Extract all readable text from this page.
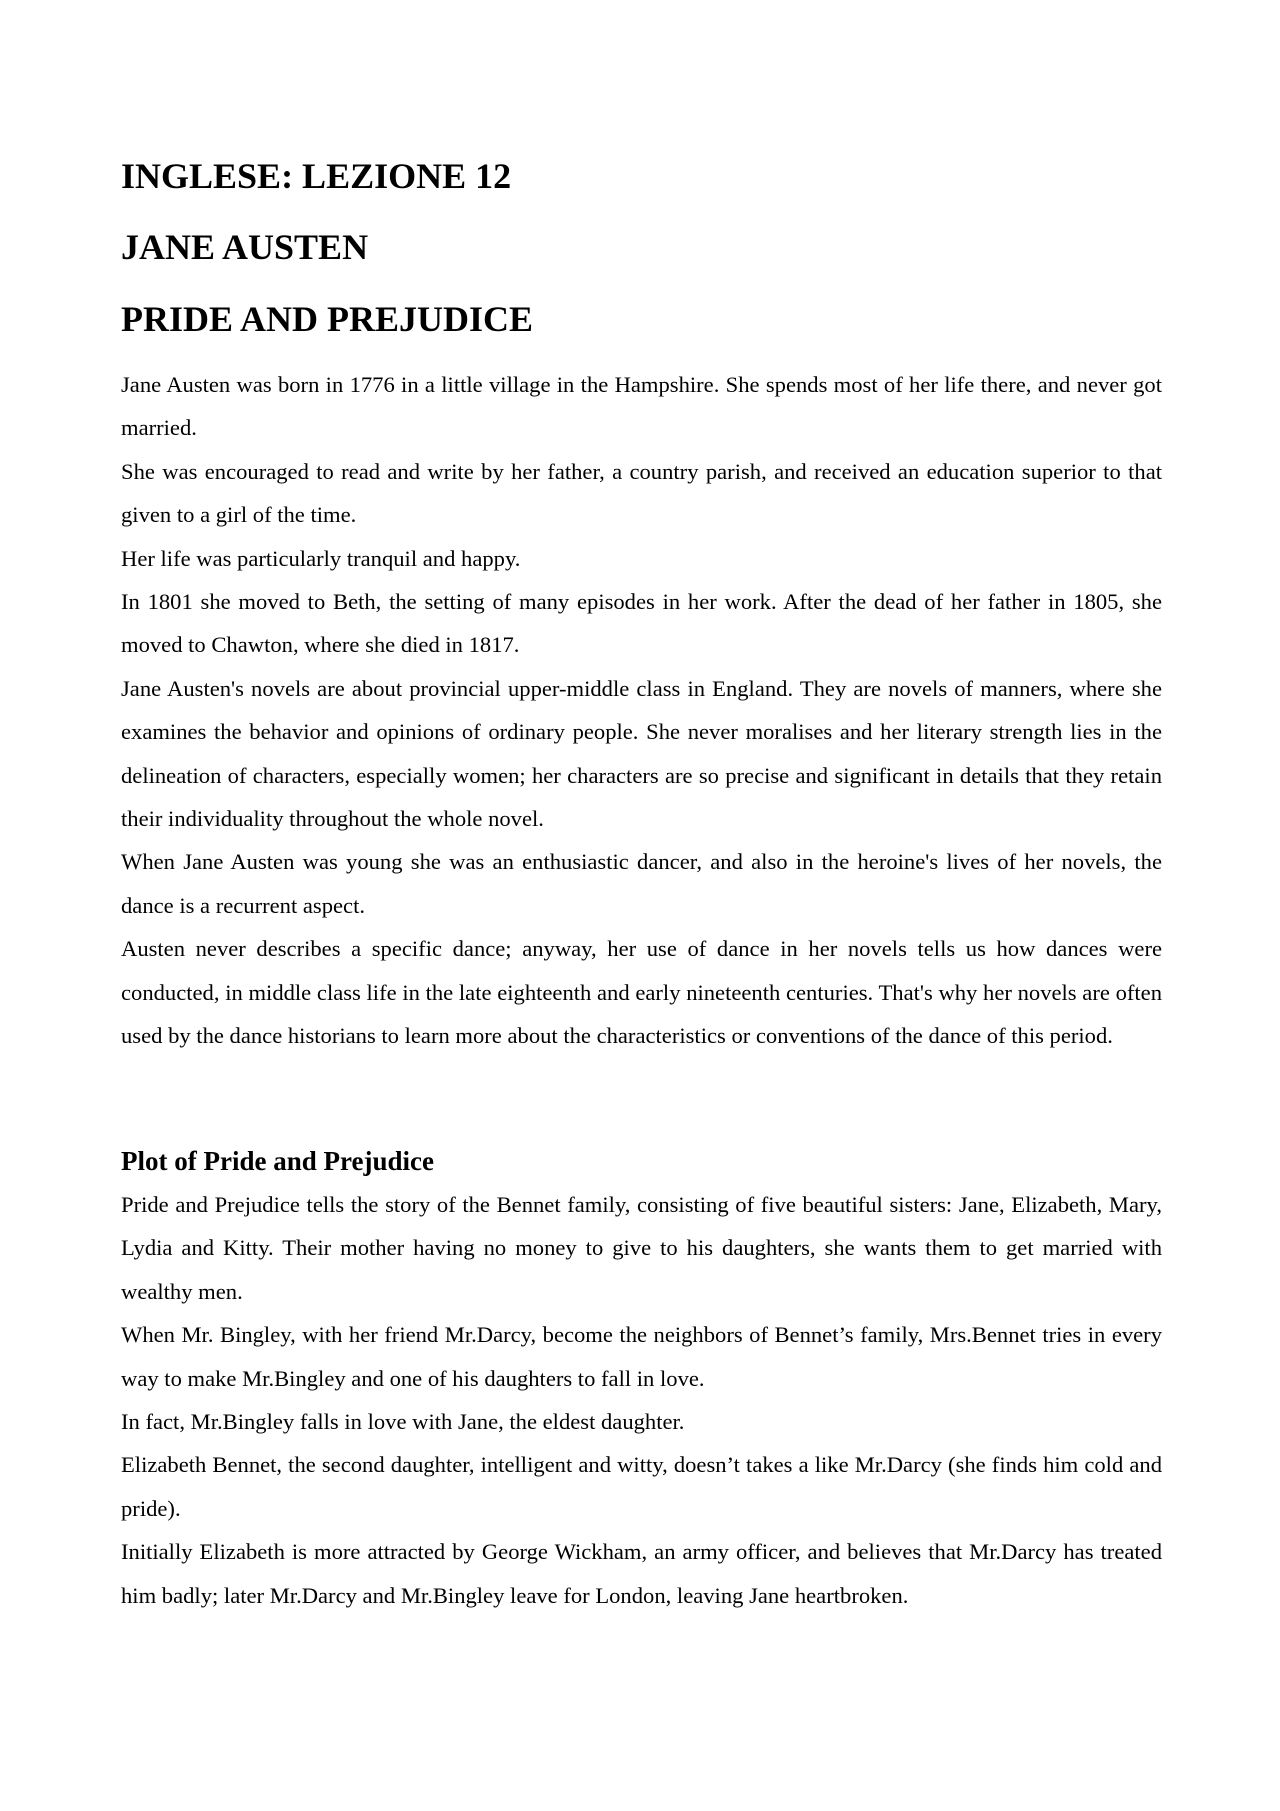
INGLESE: LEZIONE 12
JANE AUSTEN
PRIDE AND PREJUDICE

Jane Austen was born in 1776 in a little village in the Hampshire. She spends most of her life there, and never got married.

She was encouraged to read and write by her father, a country parish, and received an education superior to that given to a girl of the time.

Her life was particularly tranquil and happy.

In 1801 she moved to Beth, the setting of many episodes in her work. After the dead of her father in 1805, she moved to Chawton, where she died in 1817.

Jane Austen's novels are about provincial upper-middle class in England. They are novels of manners, where she examines the behavior and opinions of ordinary people. She never moralises and her literary strength lies in the delineation of characters, especially women; her characters are so precise and significant in details that they retain their individuality throughout the whole novel.

When Jane Austen was young she was an enthusiastic dancer, and also in the heroine's lives of her novels, the dance is a recurrent aspect.

Austen never describes a specific dance; anyway, her use of dance in her novels tells us how dances were conducted, in middle class life in the late eighteenth and early nineteenth centuries. That's why her novels are often used by the dance historians to learn more about the characteristics or conventions of the dance of this period.

Plot of Pride and Prejudice

Pride and Prejudice tells the story of the Bennet family, consisting of five beautiful sisters: Jane, Elizabeth, Mary, Lydia and Kitty. Their mother having no money to give to his daughters, she wants them to get married with wealthy men.

When Mr. Bingley, with her friend Mr.Darcy, become the neighbors of Bennet’s family, Mrs.Bennet tries in every way to make Mr.Bingley and one of his daughters to fall in love.

In fact, Mr.Bingley falls in love with Jane, the eldest daughter.

Elizabeth Bennet, the second daughter, intelligent and witty, doesn’t takes a like Mr.Darcy (she finds him cold and pride).

Initially Elizabeth is more attracted by George Wickham, an army officer, and believes that Mr.Darcy has treated him badly; later Mr.Darcy and Mr.Bingley leave for London, leaving Jane heartbroken.
